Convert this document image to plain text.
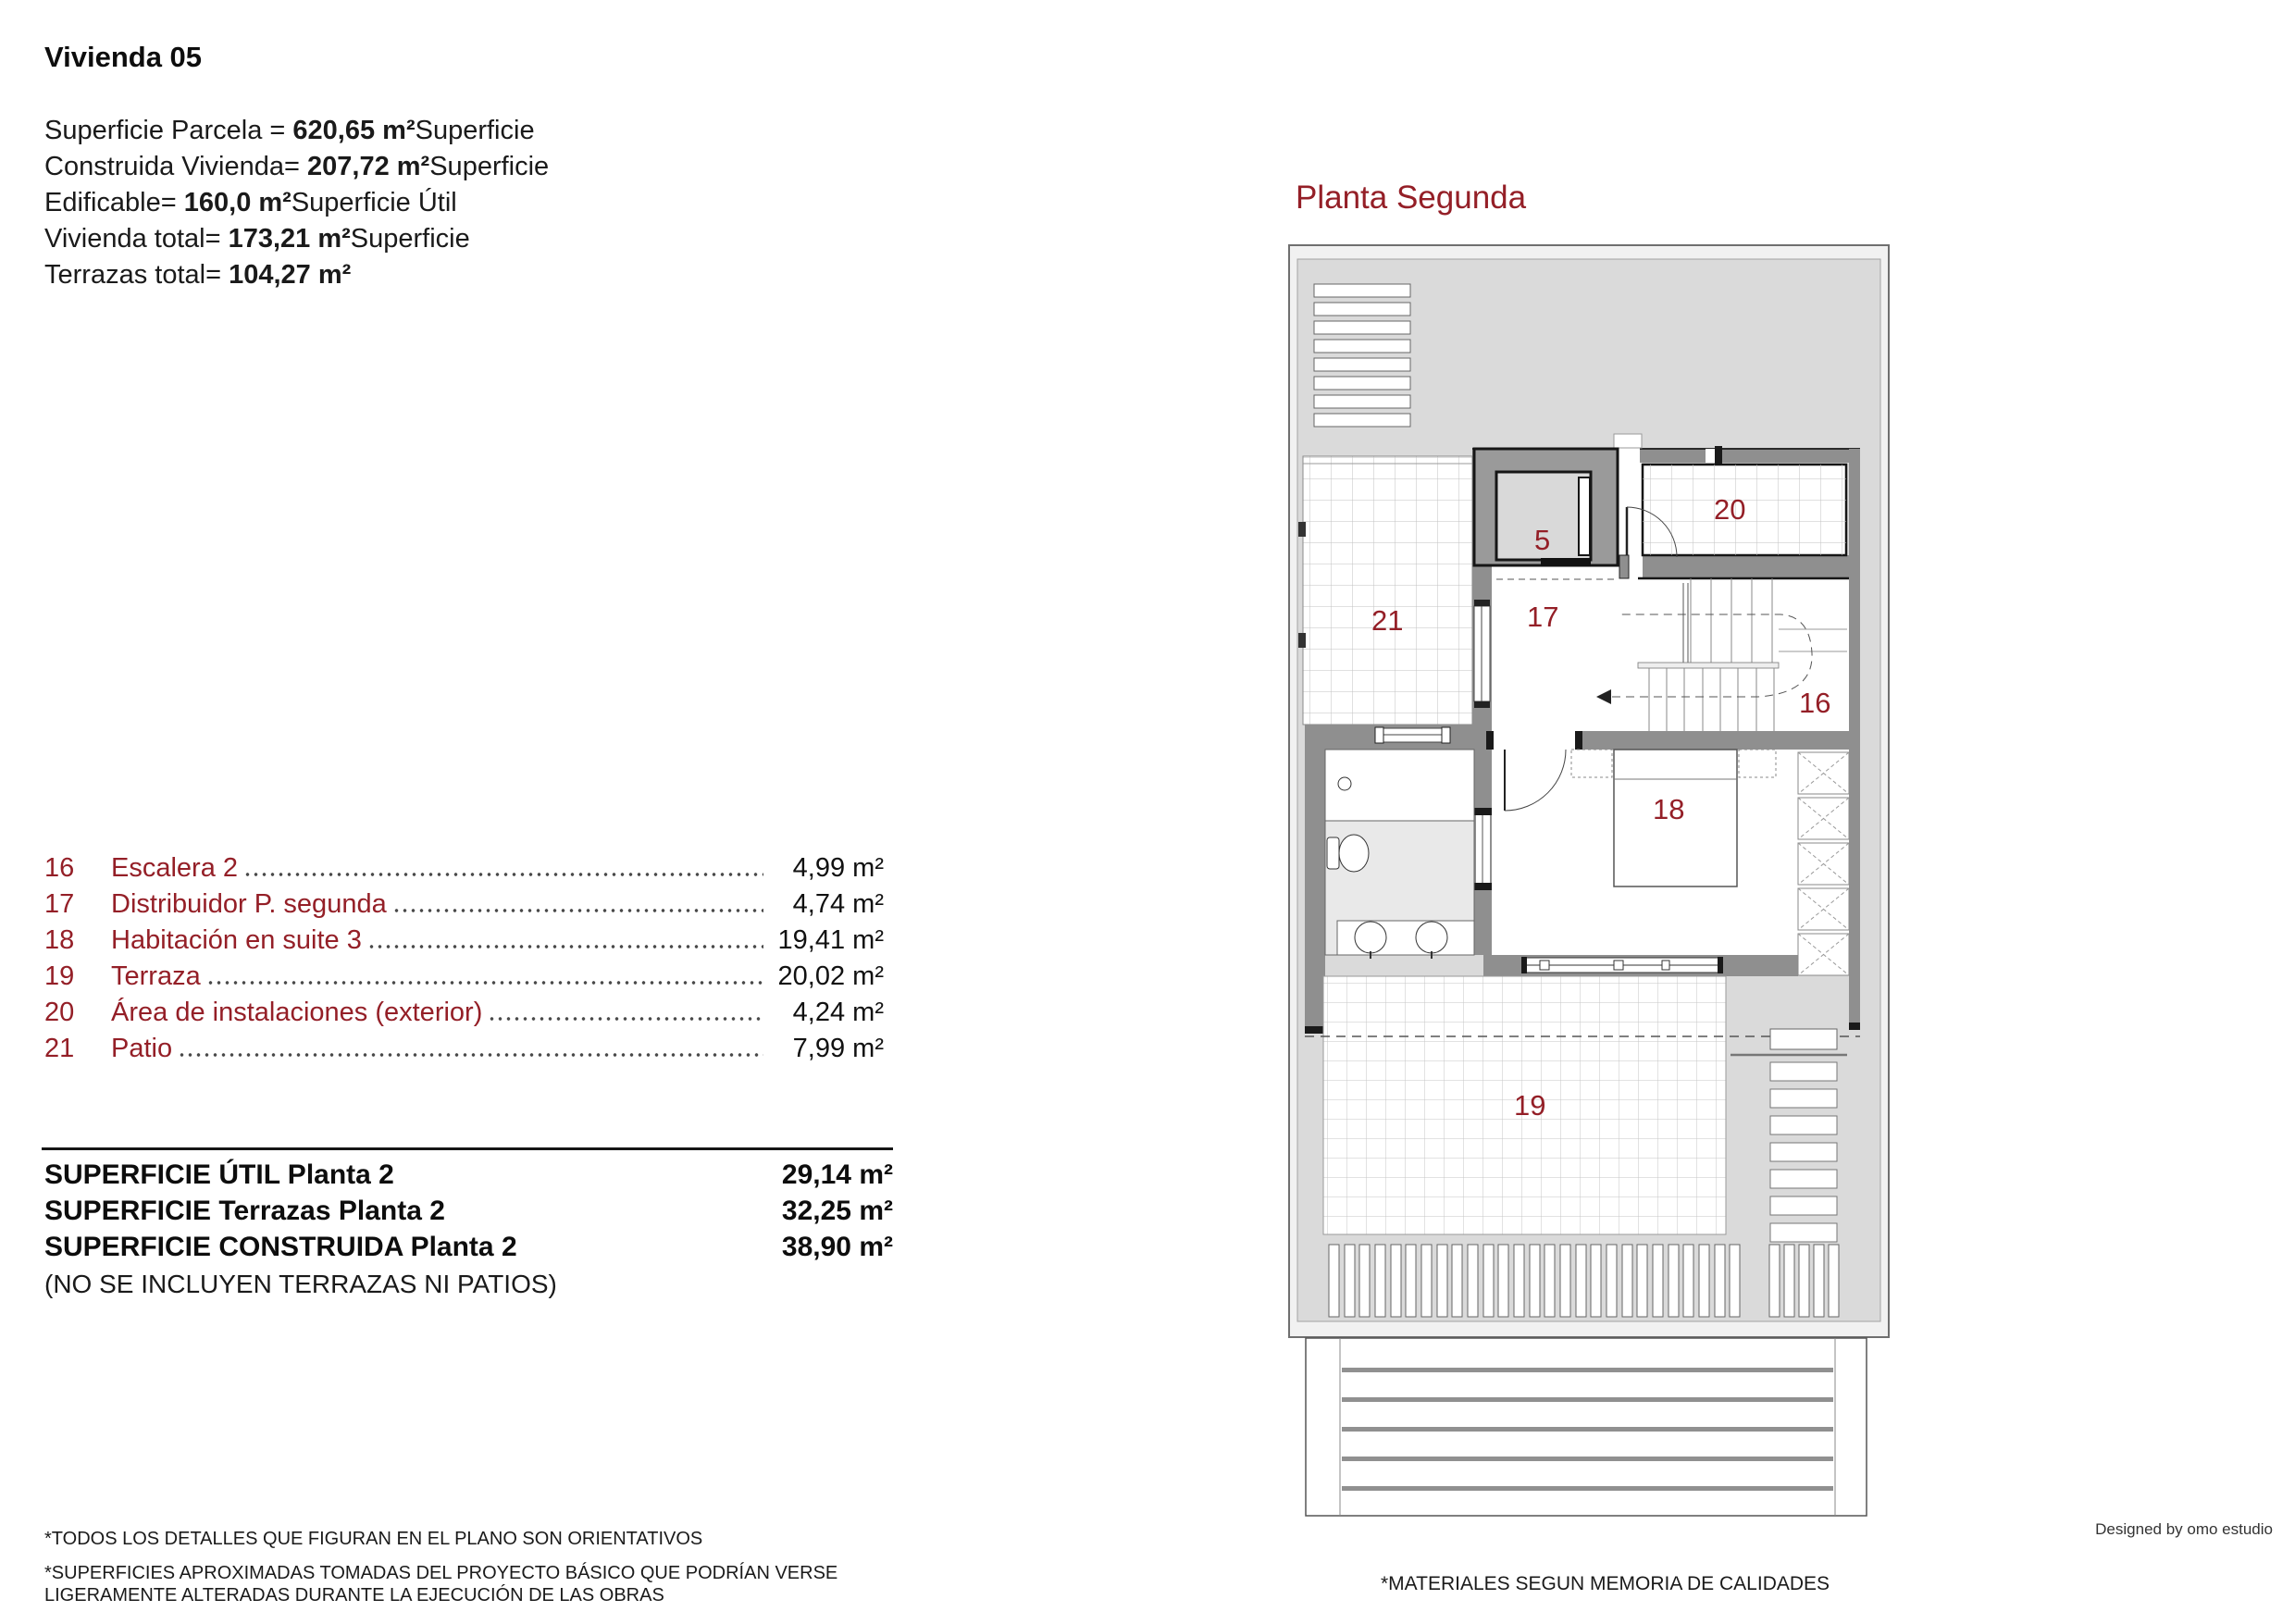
Vivienda 05
Superficie Parcela = 620,65 m²Superficie
Construida Vivienda= 207,72 m²Superficie
Edificable= 160,0 m²Superficie Útil
Vivienda total= 173,21 m²Superficie
Terrazas total= 104,27 m²
16	Escalera 2	4,99 m²
17	Distribuidor P. segunda	4,74 m²
18	Habitación en suite 3	19,41 m²
19	Terraza	20,02 m²
20	Área de instalaciones (exterior)	4,24 m²
21	Patio	7,99 m²
SUPERFICIE ÚTIL Planta 2	29,14 m²
SUPERFICIE Terrazas Planta 2	32,25 m²
SUPERFICIE CONSTRUIDA Planta 2	38,90 m²
(NO SE INCLUYEN TERRAZAS NI PATIOS)
*TODOS LOS DETALLES QUE FIGURAN EN EL PLANO SON ORIENTATIVOS
*SUPERFICIES APROXIMADAS TOMADAS DEL PROYECTO BÁSICO QUE PODRÍAN VERSE
LIGERAMENTE ALTERADAS DURANTE LA EJECUCIÓN DE LAS OBRAS
*MATERIALES SEGUN MEMORIA DE CALIDADES
Designed by omo estudio
Planta Segunda
5
16
17
18
19
20
21
